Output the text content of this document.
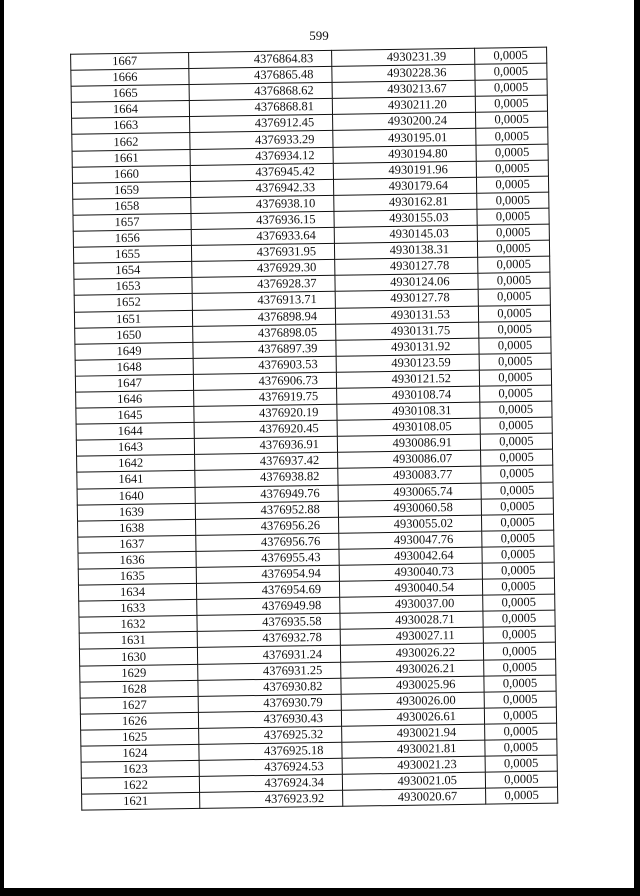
599
1667	4376864.83	4930231.39	0,0005
1666	4376865.48	4930228.36	0,0005
1665	4376868.62	4930213.67	0,0005
1664	4376868.81	4930211.20	0,0005
1663	4376912.45	4930200.24	0,0005
1662	4376933.29	4930195.01	0,0005
1661	4376934.12	4930194.80	0,0005
1660	4376945.42	4930191.96	0,0005
1659	4376942.33	4930179.64	0,0005
1658	4376938.10	4930162.81	0,0005
1657	4376936.15	4930155.03	0,0005
1656	4376933.64	4930145.03	0,0005
1655	4376931.95	4930138.31	0,0005
1654	4376929.30	4930127.78	0,0005
1653	4376928.37	4930124.06	0,0005
1652	4376913.71	4930127.78	0,0005
1651	4376898.94	4930131.53	0,0005
1650	4376898.05	4930131.75	0,0005
1649	4376897.39	4930131.92	0,0005
1648	4376903.53	4930123.59	0,0005
1647	4376906.73	4930121.52	0,0005
1646	4376919.75	4930108.74	0,0005
1645	4376920.19	4930108.31	0,0005
1644	4376920.45	4930108.05	0,0005
1643	4376936.91	4930086.91	0,0005
1642	4376937.42	4930086.07	0,0005
1641	4376938.82	4930083.77	0,0005
1640	4376949.76	4930065.74	0,0005
1639	4376952.88	4930060.58	0,0005
1638	4376956.26	4930055.02	0,0005
1637	4376956.76	4930047.76	0,0005
1636	4376955.43	4930042.64	0,0005
1635	4376954.94	4930040.73	0,0005
1634	4376954.69	4930040.54	0,0005
1633	4376949.98	4930037.00	0,0005
1632	4376935.58	4930028.71	0,0005
1631	4376932.78	4930027.11	0,0005
1630	4376931.24	4930026.22	0,0005
1629	4376931.25	4930026.21	0,0005
1628	4376930.82	4930025.96	0,0005
1627	4376930.79	4930026.00	0,0005
1626	4376930.43	4930026.61	0,0005
1625	4376925.32	4930021.94	0,0005
1624	4376925.18	4930021.81	0,0005
1623	4376924.53	4930021.23	0,0005
1622	4376924.34	4930021.05	0,0005
1621	4376923.92	4930020.67	0,0005
